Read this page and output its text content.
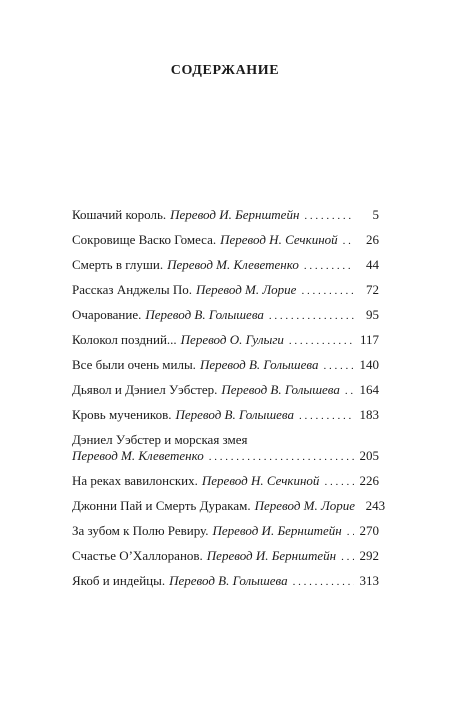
СОДЕРЖАНИЕ
Кошачий король. Перевод И. Бернштейн . . .	5
Сокровище Васко Гомеса. Перевод Н. Сечкиной . . .	26
Смерть в глуши. Перевод М. Клеветенко . . .	44
Рассказ Анджелы По. Перевод М. Лорие . . .	72
Очарование. Перевод В. Голышева . . .	95
Колокол поздний... Перевод О. Гулыги . . .	117
Все были очень милы. Перевод В. Голышева . . .	140
Дьявол и Дэниел Уэбстер. Перевод В. Голышева . . . 164
Кровь мучеников. Перевод В. Голышева . . .	183
Дэниел Уэбстер и морская змея
Перевод М. Клеветенко . . .	205
На реках вавилонских. Перевод Н. Сечкиной . . .	226
Джонни Пай и Смерть Дуракам. Перевод М. Лорие 243
За зубом к Полю Ревиру. Перевод И. Бернштейн . . . 270
Счастье О’Халлоранов. Перевод И. Бернштейн . . . 292
Якоб и индейцы. Перевод В. Голышева . . .	313
